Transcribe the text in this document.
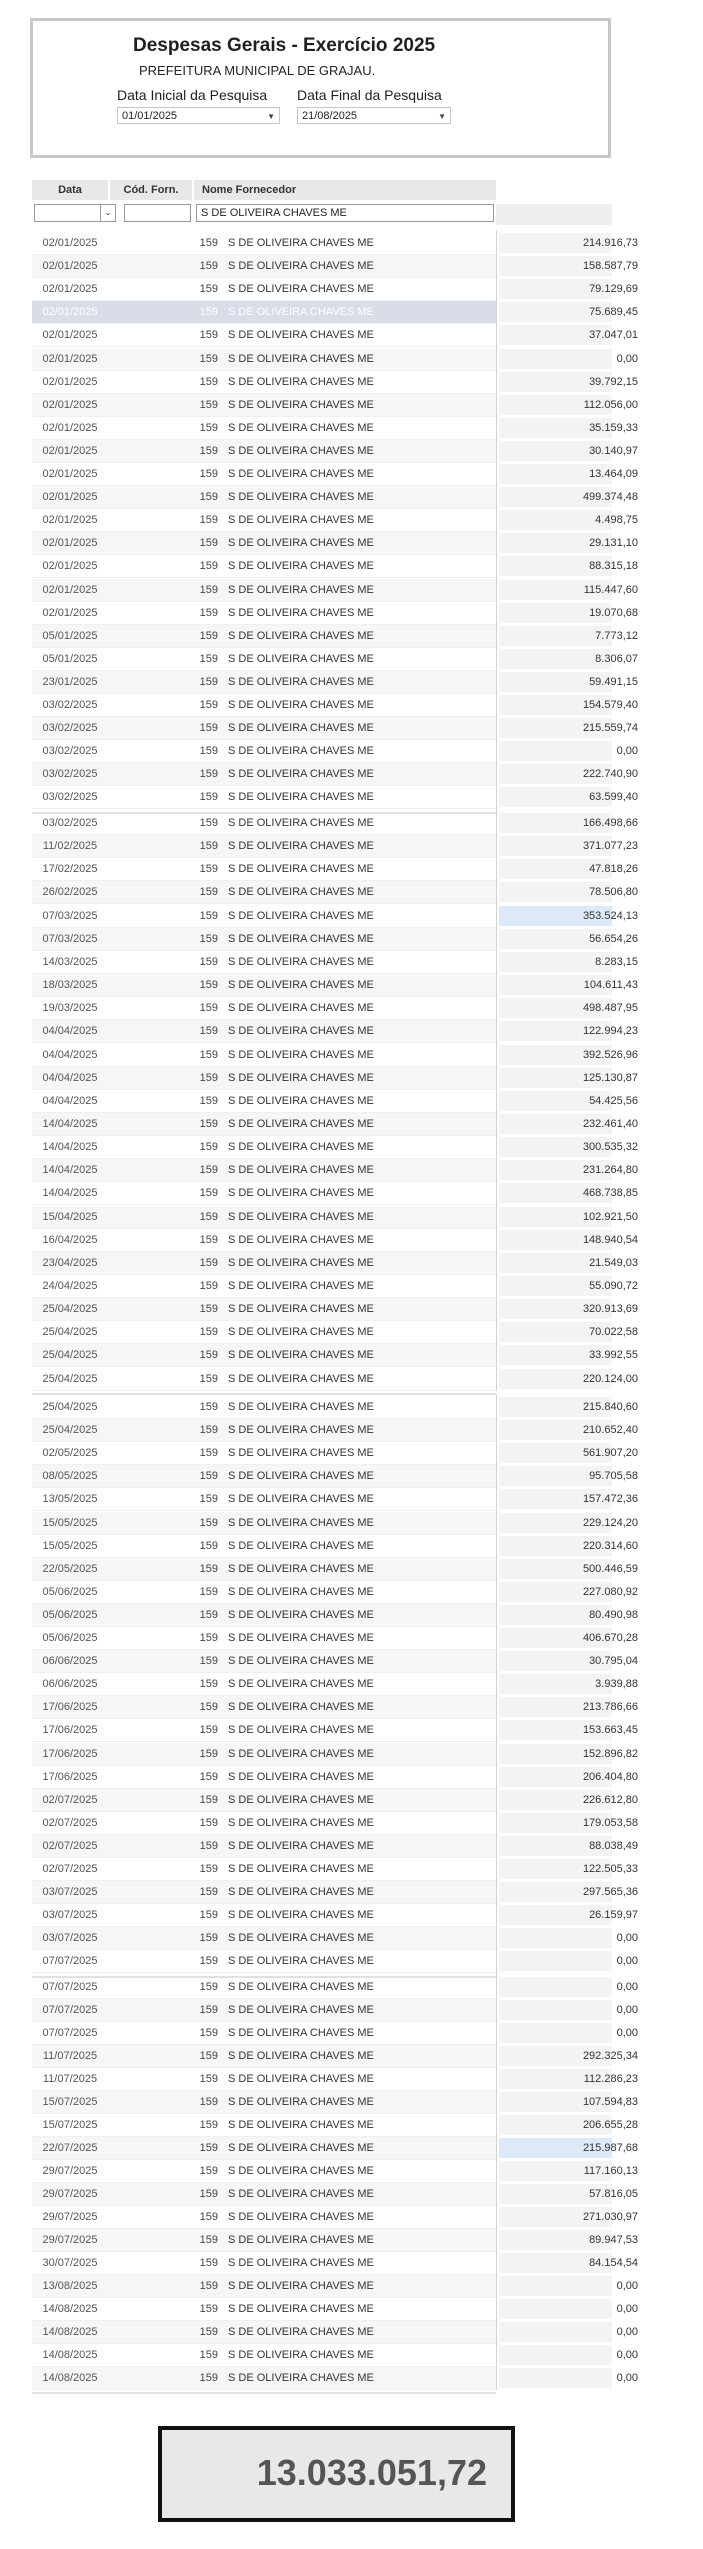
Despesas Gerais - Exercício 2025
PREFEITURA MUNICIPAL DE GRAJAU.
Data Inicial da Pesquisa
01/01/2025	▼
Data Final da Pesquisa
21/08/2025	▼
Data	Cód. Forn.	Nome Fornecedor
⌄	S DE OLIVEIRA CHAVES ME
02/01/2025	159 S DE OLIVEIRA CHAVES ME	214.916,73
02/01/2025	159 S DE OLIVEIRA CHAVES ME	158.587,79
02/01/2025	159 S DE OLIVEIRA CHAVES ME	79.129,69
02/01/2025	159 S DE OLIVEIRA CHAVES ME	75.689,45
02/01/2025	159 S DE OLIVEIRA CHAVES ME	37.047,01
02/01/2025	159 S DE OLIVEIRA CHAVES ME	0,00
02/01/2025	159 S DE OLIVEIRA CHAVES ME	39.792,15
02/01/2025	159 S DE OLIVEIRA CHAVES ME	112.056,00
02/01/2025	159 S DE OLIVEIRA CHAVES ME	35.159,33
02/01/2025	159 S DE OLIVEIRA CHAVES ME	30.140,97
02/01/2025	159 S DE OLIVEIRA CHAVES ME	13.464,09
02/01/2025	159 S DE OLIVEIRA CHAVES ME	499.374,48
02/01/2025	159 S DE OLIVEIRA CHAVES ME	4.498,75
02/01/2025	159 S DE OLIVEIRA CHAVES ME	29.131,10
02/01/2025	159 S DE OLIVEIRA CHAVES ME	88.315,18
02/01/2025	159 S DE OLIVEIRA CHAVES ME	115.447,60
02/01/2025	159 S DE OLIVEIRA CHAVES ME	19.070,68
05/01/2025	159 S DE OLIVEIRA CHAVES ME	7.773,12
05/01/2025	159 S DE OLIVEIRA CHAVES ME	8.306,07
23/01/2025	159 S DE OLIVEIRA CHAVES ME	59.491,15
03/02/2025	159 S DE OLIVEIRA CHAVES ME	154.579,40
03/02/2025	159 S DE OLIVEIRA CHAVES ME	215.559,74
03/02/2025	159 S DE OLIVEIRA CHAVES ME	0,00
03/02/2025	159 S DE OLIVEIRA CHAVES ME	222.740,90
03/02/2025	159 S DE OLIVEIRA CHAVES ME	63.599,40
03/02/2025	159 S DE OLIVEIRA CHAVES ME	166.498,66
11/02/2025	159 S DE OLIVEIRA CHAVES ME	371.077,23
17/02/2025	159 S DE OLIVEIRA CHAVES ME	47.818,26
26/02/2025	159 S DE OLIVEIRA CHAVES ME	78.506,80
07/03/2025	159 S DE OLIVEIRA CHAVES ME	353.524,13
07/03/2025	159 S DE OLIVEIRA CHAVES ME	56.654,26
14/03/2025	159 S DE OLIVEIRA CHAVES ME	8.283,15
18/03/2025	159 S DE OLIVEIRA CHAVES ME	104.611,43
19/03/2025	159 S DE OLIVEIRA CHAVES ME	498.487,95
04/04/2025	159 S DE OLIVEIRA CHAVES ME	122.994,23
04/04/2025	159 S DE OLIVEIRA CHAVES ME	392.526,96
04/04/2025	159 S DE OLIVEIRA CHAVES ME	125.130,87
04/04/2025	159 S DE OLIVEIRA CHAVES ME	54.425,56
14/04/2025	159 S DE OLIVEIRA CHAVES ME	232.461,40
14/04/2025	159 S DE OLIVEIRA CHAVES ME	300.535,32
14/04/2025	159 S DE OLIVEIRA CHAVES ME	231.264,80
14/04/2025	159 S DE OLIVEIRA CHAVES ME	468.738,85
15/04/2025	159 S DE OLIVEIRA CHAVES ME	102.921,50
16/04/2025	159 S DE OLIVEIRA CHAVES ME	148.940,54
23/04/2025	159 S DE OLIVEIRA CHAVES ME	21.549,03
24/04/2025	159 S DE OLIVEIRA CHAVES ME	55.090,72
25/04/2025	159 S DE OLIVEIRA CHAVES ME	320.913,69
25/04/2025	159 S DE OLIVEIRA CHAVES ME	70.022,58
25/04/2025	159 S DE OLIVEIRA CHAVES ME	33.992,55
25/04/2025	159 S DE OLIVEIRA CHAVES ME	220.124,00
25/04/2025	159 S DE OLIVEIRA CHAVES ME	215.840,60
25/04/2025	159 S DE OLIVEIRA CHAVES ME	210.652,40
02/05/2025	159 S DE OLIVEIRA CHAVES ME	561.907,20
08/05/2025	159 S DE OLIVEIRA CHAVES ME	95.705,58
13/05/2025	159 S DE OLIVEIRA CHAVES ME	157.472,36
15/05/2025	159 S DE OLIVEIRA CHAVES ME	229.124,20
15/05/2025	159 S DE OLIVEIRA CHAVES ME	220.314,60
22/05/2025	159 S DE OLIVEIRA CHAVES ME	500.446,59
05/06/2025	159 S DE OLIVEIRA CHAVES ME	227.080,92
05/06/2025	159 S DE OLIVEIRA CHAVES ME	80.490,98
05/06/2025	159 S DE OLIVEIRA CHAVES ME	406.670,28
06/06/2025	159 S DE OLIVEIRA CHAVES ME	30.795,04
06/06/2025	159 S DE OLIVEIRA CHAVES ME	3.939,88
17/06/2025	159 S DE OLIVEIRA CHAVES ME	213.786,66
17/06/2025	159 S DE OLIVEIRA CHAVES ME	153.663,45
17/06/2025	159 S DE OLIVEIRA CHAVES ME	152.896,82
17/06/2025	159 S DE OLIVEIRA CHAVES ME	206.404,80
02/07/2025	159 S DE OLIVEIRA CHAVES ME	226.612,80
02/07/2025	159 S DE OLIVEIRA CHAVES ME	179.053,58
02/07/2025	159 S DE OLIVEIRA CHAVES ME	88.038,49
02/07/2025	159 S DE OLIVEIRA CHAVES ME	122.505,33
03/07/2025	159 S DE OLIVEIRA CHAVES ME	297.565,36
03/07/2025	159 S DE OLIVEIRA CHAVES ME	26.159,97
03/07/2025	159 S DE OLIVEIRA CHAVES ME	0,00
07/07/2025	159 S DE OLIVEIRA CHAVES ME	0,00
07/07/2025	159 S DE OLIVEIRA CHAVES ME	0,00
07/07/2025	159 S DE OLIVEIRA CHAVES ME	0,00
07/07/2025	159 S DE OLIVEIRA CHAVES ME	0,00
11/07/2025	159 S DE OLIVEIRA CHAVES ME	292.325,34
11/07/2025	159 S DE OLIVEIRA CHAVES ME	112.286,23
15/07/2025	159 S DE OLIVEIRA CHAVES ME	107.594,83
15/07/2025	159 S DE OLIVEIRA CHAVES ME	206.655,28
22/07/2025	159 S DE OLIVEIRA CHAVES ME	215.987,68
29/07/2025	159 S DE OLIVEIRA CHAVES ME	117.160,13
29/07/2025	159 S DE OLIVEIRA CHAVES ME	57.816,05
29/07/2025	159 S DE OLIVEIRA CHAVES ME	271.030,97
29/07/2025	159 S DE OLIVEIRA CHAVES ME	89.947,53
30/07/2025	159 S DE OLIVEIRA CHAVES ME	84.154,54
13/08/2025	159 S DE OLIVEIRA CHAVES ME	0,00
14/08/2025	159 S DE OLIVEIRA CHAVES ME	0,00
14/08/2025	159 S DE OLIVEIRA CHAVES ME	0,00
14/08/2025	159 S DE OLIVEIRA CHAVES ME	0,00
14/08/2025	159 S DE OLIVEIRA CHAVES ME	0,00
13.033.051,72
